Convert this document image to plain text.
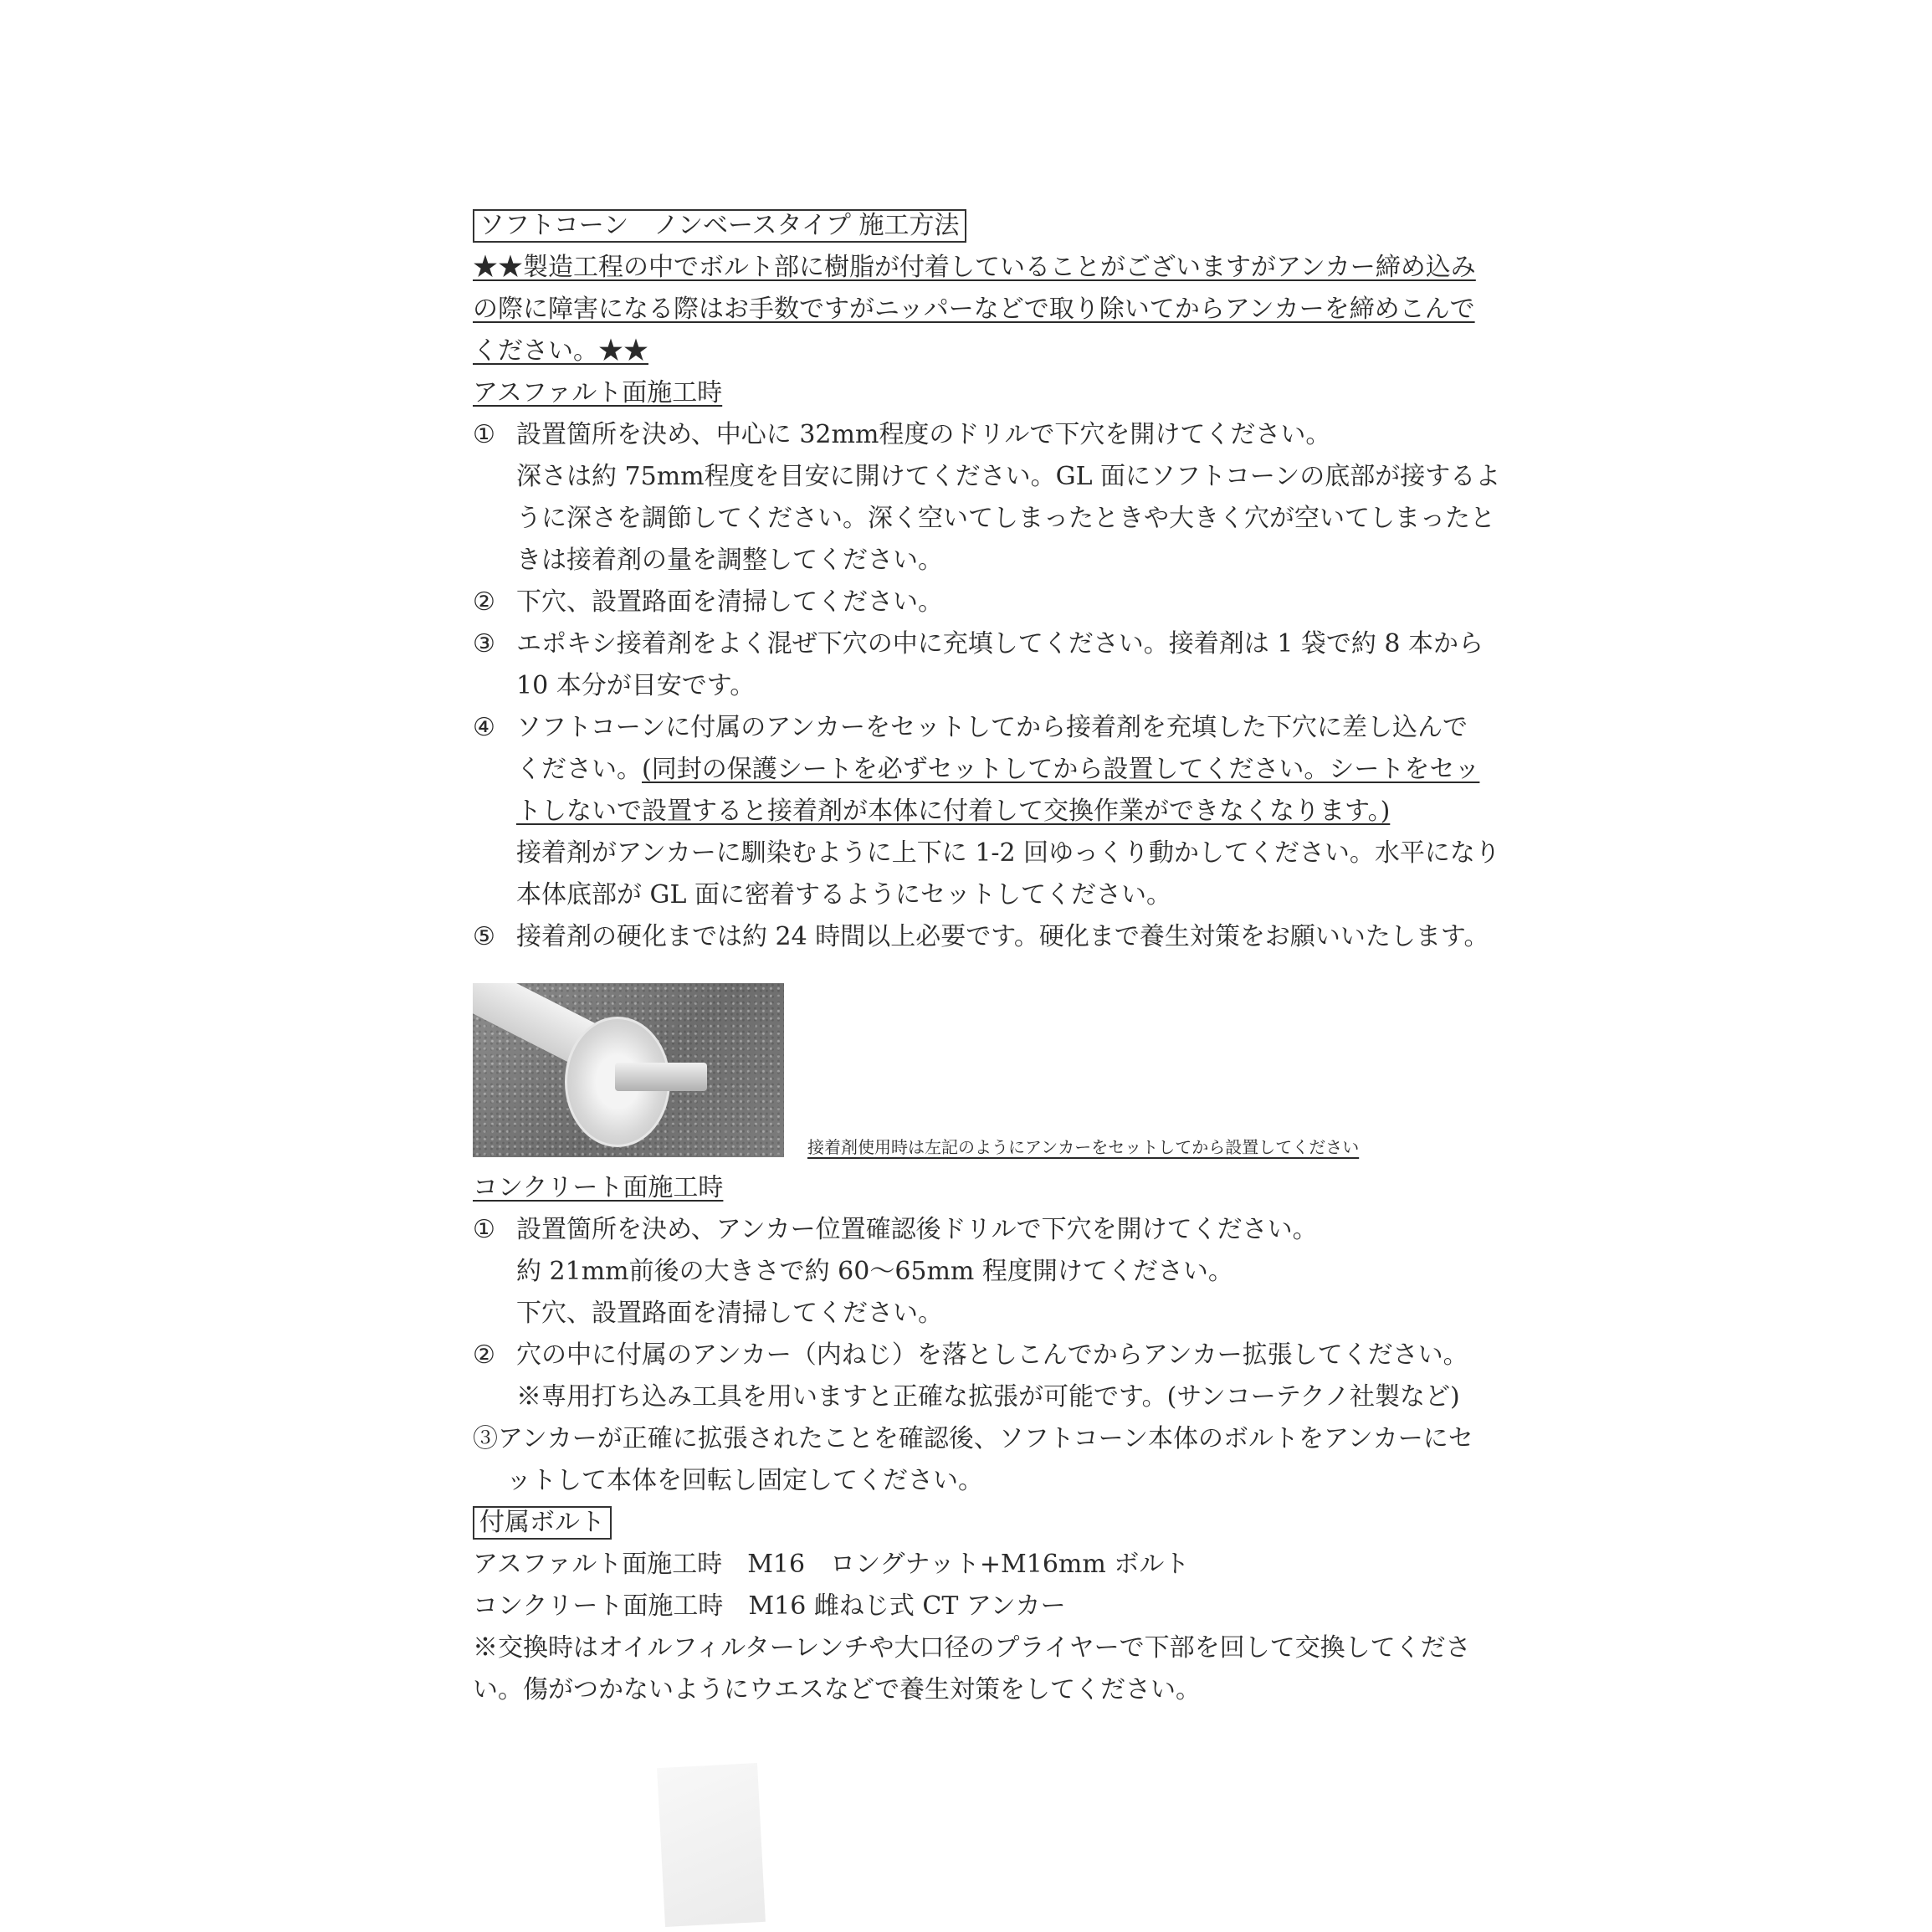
ソフトコーン　ノンベースタイプ 施工方法
★★製造工程の中でボルト部に樹脂が付着していることがございますがアンカー締め込み
の際に障害になる際はお手数ですがニッパーなどで取り除いてからアンカーを締めこんで
ください。★★
アスファルト面施工時
① 設置箇所を決め、中心に 32mm程度のドリルで下穴を開けてください。
深さは約 75mm程度を目安に開けてください。GL 面にソフトコーンの底部が接するよ
うに深さを調節してください。深く空いてしまったときや大きく穴が空いてしまったと
きは接着剤の量を調整してください。
② 下穴、設置路面を清掃してください。
③ エポキシ接着剤をよく混ぜ下穴の中に充填してください。接着剤は 1 袋で約 8 本から
10 本分が目安です。
④ ソフトコーンに付属のアンカーをセットしてから接着剤を充填した下穴に差し込んで
ください。(同封の保護シートを必ずセットしてから設置してください。シートをセッ
トしないで設置すると接着剤が本体に付着して交換作業ができなくなります。)
接着剤がアンカーに馴染むように上下に 1-2 回ゆっくり動かしてください。水平になり
本体底部が GL 面に密着するようにセットしてください。
⑤ 接着剤の硬化までは約 24 時間以上必要です。硬化まで養生対策をお願いいたします。
接着剤使用時は左記のようにアンカーをセットしてから設置してください
コンクリート面施工時
① 設置箇所を決め、アンカー位置確認後ドリルで下穴を開けてください。
約 21mm前後の大きさで約 60～65mm 程度開けてください。
下穴、設置路面を清掃してください。
② 穴の中に付属のアンカー（内ねじ）を落としこんでからアンカー拡張してください。
※専用打ち込み工具を用いますと正確な拡張が可能です。(サンコーテクノ社製など)
③アンカーが正確に拡張されたことを確認後、ソフトコーン本体のボルトをアンカーにセ
ットして本体を回転し固定してください。
付属ボルト
アスファルト面施工時　M16　ロングナット+M16mm ボルト
コンクリート面施工時　M16 雌ねじ式 CT アンカー
※交換時はオイルフィルターレンチや大口径のプライヤーで下部を回して交換してくださ
い。傷がつかないようにウエスなどで養生対策をしてください。
